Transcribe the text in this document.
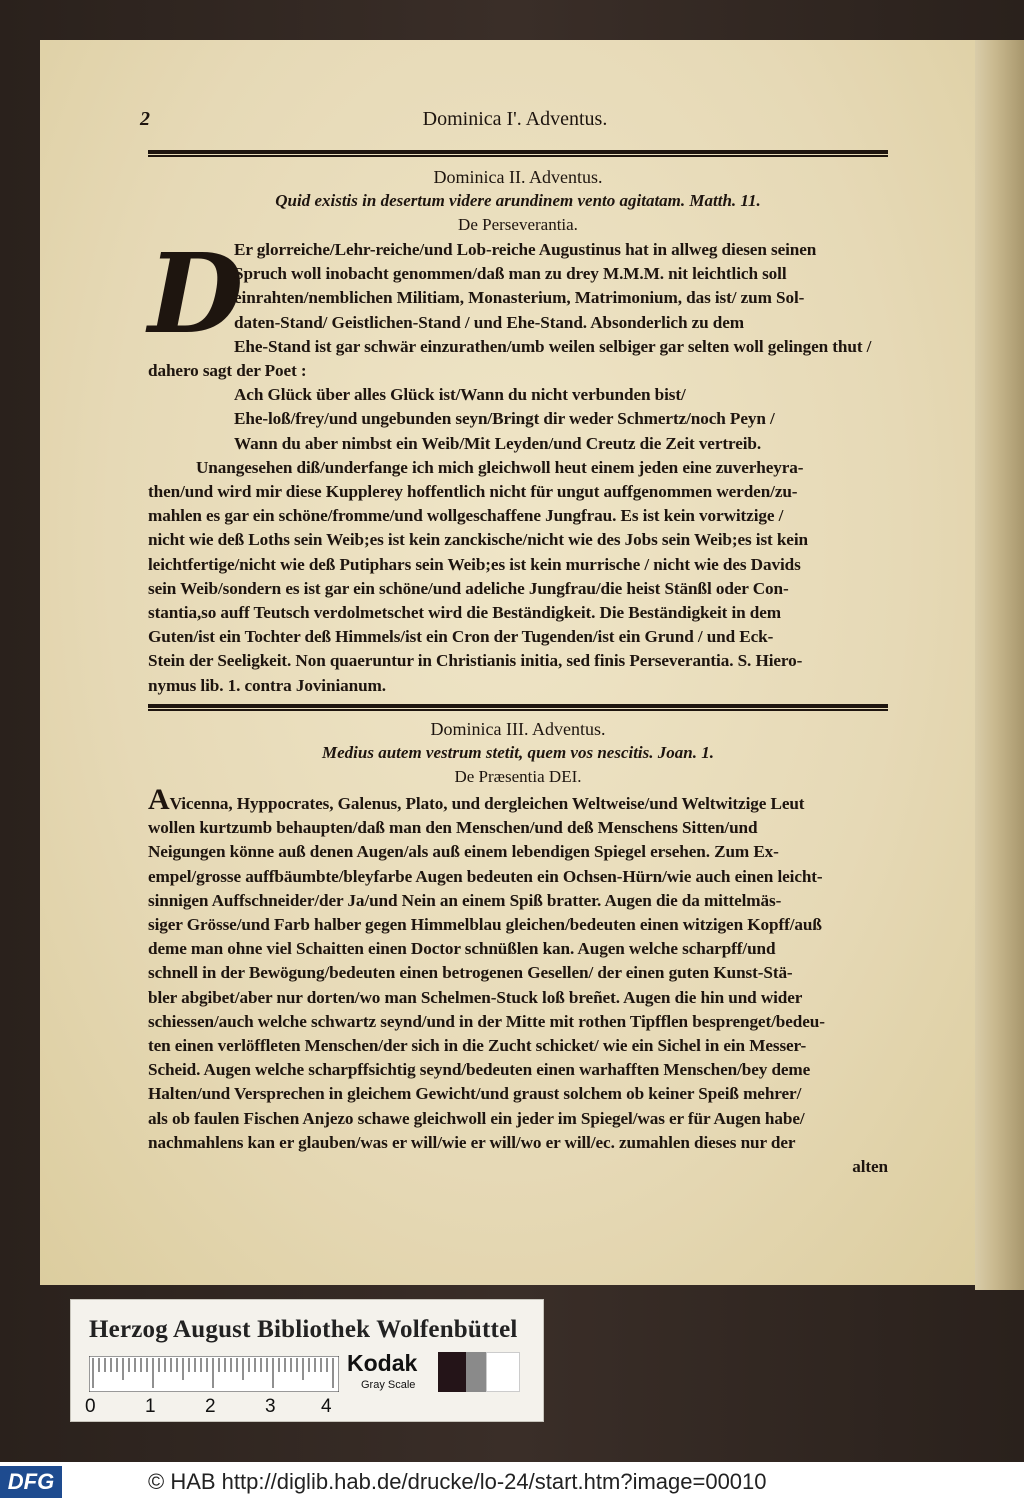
2	Dominica I'. Adventus.
Dominica II. Adventus.
Quid existis in desertum videre arundinem vento agitatam. Matth. 11.
De Perseverantia.
D

Er glorreiche/Lehr-reiche/und Lob-reiche Augustinus hat in allweg diesen seinen

Spruch woll inobacht genommen/daß man zu drey M.M.M. nit leichtlich soll

einrahten/nemblichen Militiam, Monasterium, Matrimonium, das ist/ zum Sol-

daten-Stand/ Geistlichen-Stand / und Ehe-Stand. Absonderlich zu dem

Ehe-Stand ist gar schwär einzurathen/umb weilen selbiger gar selten woll gelingen thut /

dahero sagt der Poet :

Ach Glück über alles Glück ist/Wann du nicht verbunden bist/

Ehe-loß/frey/und ungebunden seyn/Bringt dir weder Schmertz/noch Peyn /

Wann du aber nimbst ein Weib/Mit Leyden/und Creutz die Zeit vertreib.

Unangesehen diß/underfange ich mich gleichwoll heut einem jeden eine zuverheyra-

then/und wird mir diese Kupplerey hoffentlich nicht für ungut auffgenommen werden/zu-

mahlen es gar ein schöne/fromme/und wollgeschaffene Jungfrau. Es ist kein vorwitzige /

nicht wie deß Loths sein Weib;es ist kein zanckische/nicht wie des Jobs sein Weib;es ist kein

leichtfertige/nicht wie deß Putiphars sein Weib;es ist kein murrische / nicht wie des Davids

sein Weib/sondern es ist gar ein schöne/und adeliche Jungfrau/die heist Stänßl oder Con-

stantia,so auff Teutsch verdolmetschet wird die Beständigkeit. Die Beständigkeit in dem

Guten/ist ein Tochter deß Himmels/ist ein Cron der Tugenden/ist ein Grund / und Eck-

Stein der Seeligkeit. Non quaeruntur in Christianis initia, sed finis Perseverantia. S. Hiero-

nymus lib. 1. contra Jovinianum.

Dominica III. Adventus.
Medius autem vestrum stetit, quem vos nescitis. Joan. 1.
De Præsentia DEI.

AVicenna, Hyppocrates, Galenus, Plato, und dergleichen Weltweise/und Weltwitzige Leut

wollen kurtzumb behaupten/daß man den Menschen/und deß Menschens Sitten/und

Neigungen könne auß denen Augen/als auß einem lebendigen Spiegel ersehen. Zum Ex-

empel/grosse auffbäumbte/bleyfarbe Augen bedeuten ein Ochsen-Hürn/wie auch einen leicht-

sinnigen Auffschneider/der Ja/und Nein an einem Spiß bratter. Augen die da mittelmäs-

siger Grösse/und Farb halber gegen Himmelblau gleichen/bedeuten einen witzigen Kopff/auß

deme man ohne viel Schaitten einen Doctor schnüßlen kan. Augen welche scharpff/und

schnell in der Bewögung/bedeuten einen betrogenen Gesellen/ der einen guten Kunst-Stä-

bler abgibet/aber nur dorten/wo man Schelmen-Stuck loß breñet. Augen die hin und wider

schiessen/auch welche schwartz seynd/und in der Mitte mit rothen Tipfflen besprenget/bedeu-

ten einen verlöffleten Menschen/der sich in die Zucht schicket/ wie ein Sichel in ein Messer-

Scheid. Augen welche scharpffsichtig seynd/bedeuten einen warhafften Menschen/bey deme

Halten/und Versprechen in gleichem Gewicht/und graust solchem ob keiner Speiß mehrer/

als ob faulen Fischen Anjezo schawe gleichwoll ein jeder im Spiegel/was er für Augen habe/

nachmahlens kan er glauben/was er will/wie er will/wo er will/ec. zumahlen dieses nur der

alten

Herzog August Bibliothek Wolfenbüttel
0	1	2	3 4
Kodak
Gray Scale
DFG	© HAB http://diglib.hab.de/drucke/lo-24/start.htm?image=00010
